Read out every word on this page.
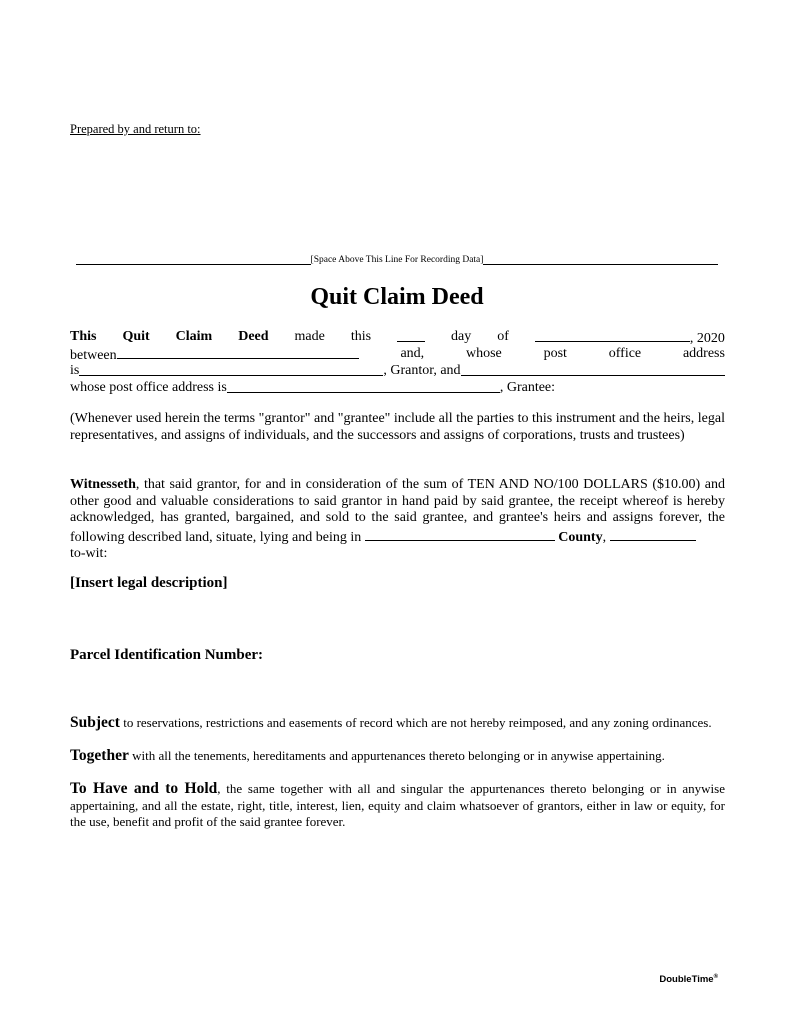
Prepared by and return to:
[Space Above This Line For Recording Data]
Quit Claim Deed
This Quit Claim Deed made this	day of	, 2020
between	and,	whose	post	office	address
is	, Grantor, and
whose post office address is	, Grantee:
(Whenever used herein the terms "grantor" and "grantee" include all the parties to this instrument and the heirs, legal representatives, and assigns of individuals, and the successors and assigns of corporations, trusts and trustees)
Witnesseth, that said grantor, for and in consideration of the sum of TEN AND NO/100 DOLLARS ($10.00) and other good and valuable considerations to said grantor in hand paid by said grantee, the receipt whereof is hereby acknowledged, has granted, bargained, and sold to the said grantee, and grantee's heirs and assigns forever, the following described land, situate, lying and being in	County,
to-wit:
[Insert legal description]
Parcel Identification Number:
Subject to reservations, restrictions and easements of record which are not hereby reimposed, and any zoning ordinances.
Together with all the tenements, hereditaments and appurtenances thereto belonging or in anywise appertaining.
To Have and to Hold, the same together with all and singular the appurtenances thereto belonging or in anywise appertaining, and all the estate, right, title, interest, lien, equity and claim whatsoever of grantors, either in law or equity, for the use, benefit and profit of the said grantee forever.
DoubleTime®
